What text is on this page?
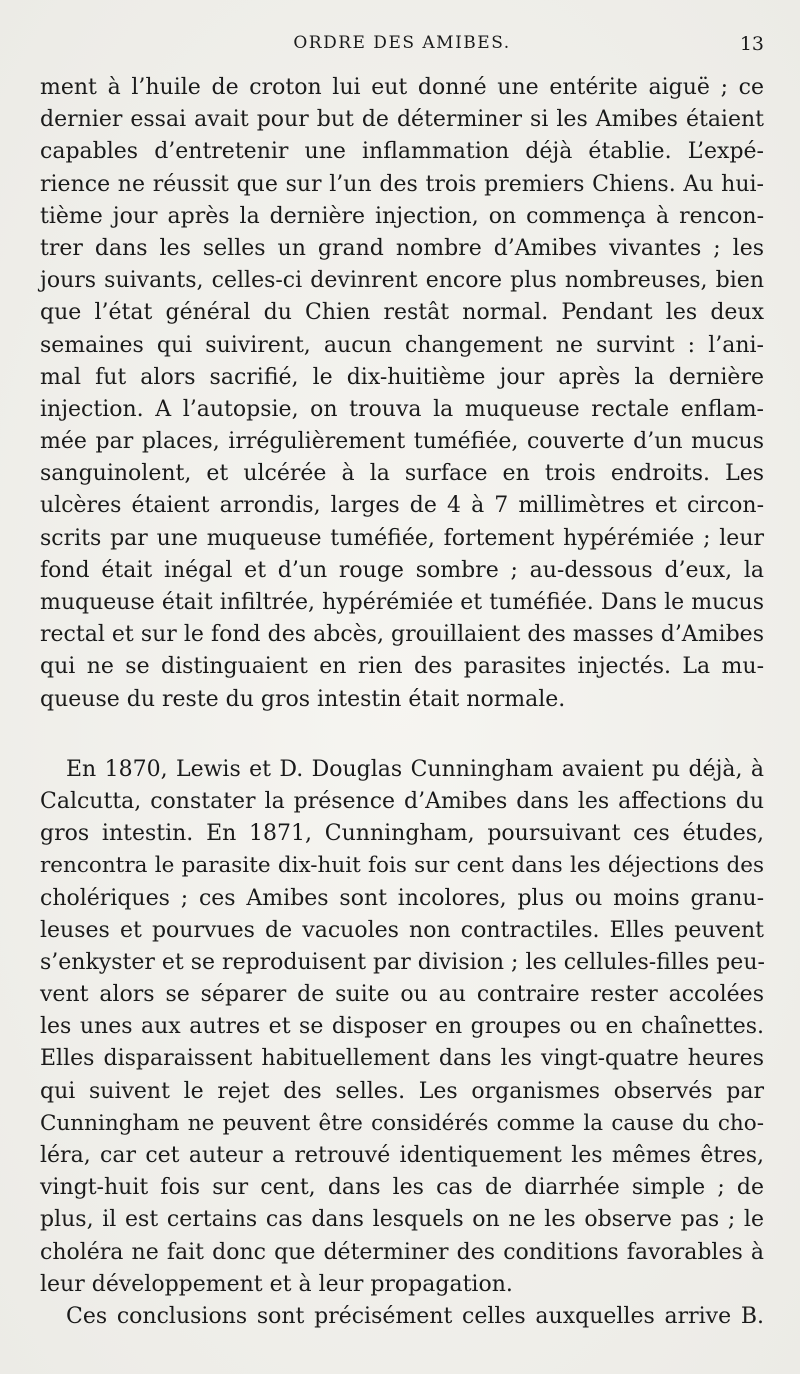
ORDRE DES AMIBES.	13
ment à l’huile de croton lui eut donné une entérite aiguë ; ce
dernier essai avait pour but de déterminer si les Amibes étaient
capables d’entretenir une inflammation déjà établie. L’expé-
rience ne réussit que sur l’un des trois premiers Chiens. Au hui-
tième jour après la dernière injection, on commença à rencon-
trer dans les selles un grand nombre d’Amibes vivantes ; les
jours suivants, celles-ci devinrent encore plus nombreuses, bien
que l’état général du Chien restât normal. Pendant les deux
semaines qui suivirent, aucun changement ne survint : l’ani-
mal fut alors sacrifié, le dix-huitième jour après la dernière
injection. A l’autopsie, on trouva la muqueuse rectale enflam-
mée par places, irrégulièrement tuméfiée, couverte d’un mucus
sanguinolent, et ulcérée à la surface en trois endroits. Les
ulcères étaient arrondis, larges de 4 à 7 millimètres et circon-
scrits par une muqueuse tuméfiée, fortement hypérémiée ; leur
fond était inégal et d’un rouge sombre ; au-dessous d’eux, la
muqueuse était infiltrée, hypérémiée et tuméfiée. Dans le mucus
rectal et sur le fond des abcès, grouillaient des masses d’Amibes
qui ne se distinguaient en rien des parasites injectés. La mu-
queuse du reste du gros intestin était normale.
En 1870, Lewis et D. Douglas Cunningham avaient pu déjà, à
Calcutta, constater la présence d’Amibes dans les affections du
gros intestin. En 1871, Cunningham, poursuivant ces études,
rencontra le parasite dix-huit fois sur cent dans les déjections des
cholériques ; ces Amibes sont incolores, plus ou moins granu-
leuses et pourvues de vacuoles non contractiles. Elles peuvent
s’enkyster et se reproduisent par division ; les cellules-filles peu-
vent alors se séparer de suite ou au contraire rester accolées
les unes aux autres et se disposer en groupes ou en chaînettes.
Elles disparaissent habituellement dans les vingt-quatre heures
qui suivent le rejet des selles. Les organismes observés par
Cunningham ne peuvent être considérés comme la cause du cho-
léra, car cet auteur a retrouvé identiquement les mêmes êtres,
vingt-huit fois sur cent, dans les cas de diarrhée simple ; de
plus, il est certains cas dans lesquels on ne les observe pas ; le
choléra ne fait donc que déterminer des conditions favorables à
leur développement et à leur propagation.
Ces conclusions sont précisément celles auxquelles arrive B.
